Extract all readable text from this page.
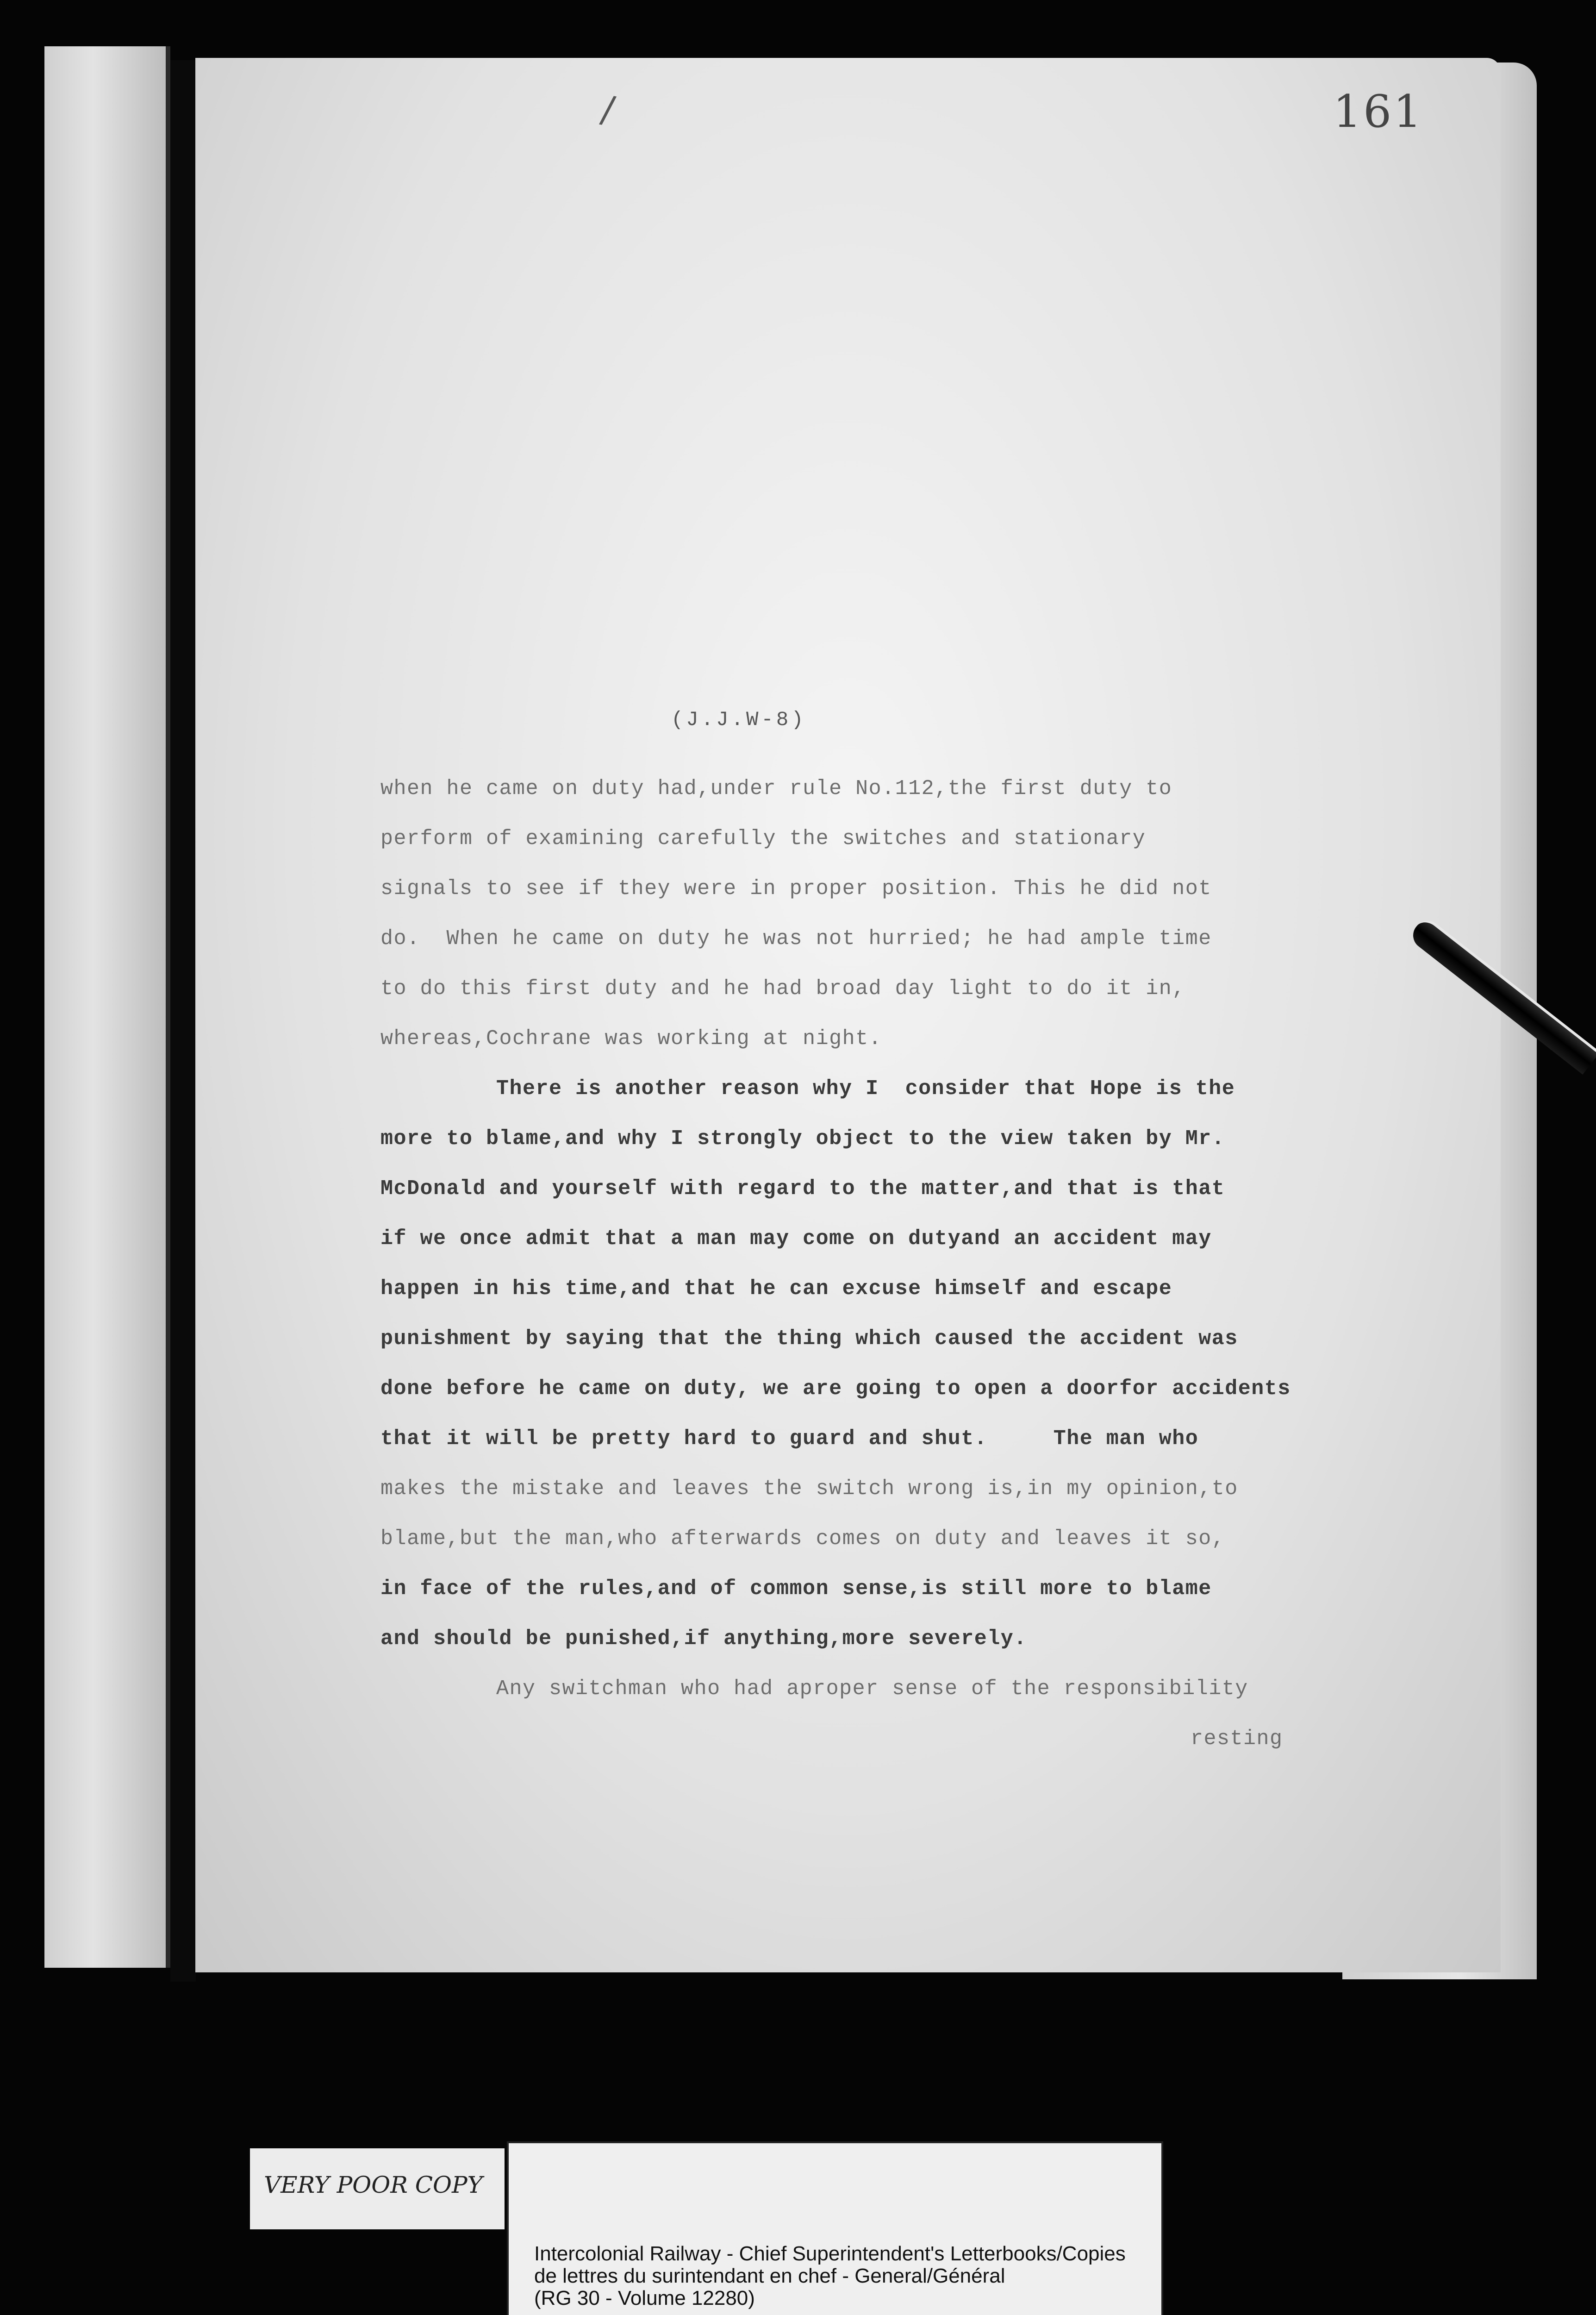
161
/
(J.J.W-8)
when he came on duty had,under rule No.112,the first duty to
perform of examining carefully the switches and stationary
signals to see if they were in proper position. This he did not
do.  When he came on duty he was not hurried; he had ample time
to do this first duty and he had broad day light to do it in,
whereas,Cochrane was working at night.
There is another reason why I  consider that Hope is the
more to blame,and why I strongly object to the view taken by Mr.
McDonald and yourself with regard to the matter,and that is that
if we once admit that a man may come on dutyand an accident may
happen in his time,and that he can excuse himself and escape
punishment by saying that the thing which caused the accident was
done before he came on duty, we are going to open a doorfor accidents
that it will be pretty hard to guard and shut.     The man who
makes the mistake and leaves the switch wrong is,in my opinion,to
blame,but the man,who afterwards comes on duty and leaves it so,
in face of the rules,and of common sense,is still more to blame
and should be punished,if anything,more severely.
Any switchman who had aproper sense of the responsibility
resting
VERY POOR COPY
Intercolonial Railway - Chief Superintendent's Letterbooks/Copies
de lettres du surintendant en chef - General/Général
(RG 30 - Volume 12280)
